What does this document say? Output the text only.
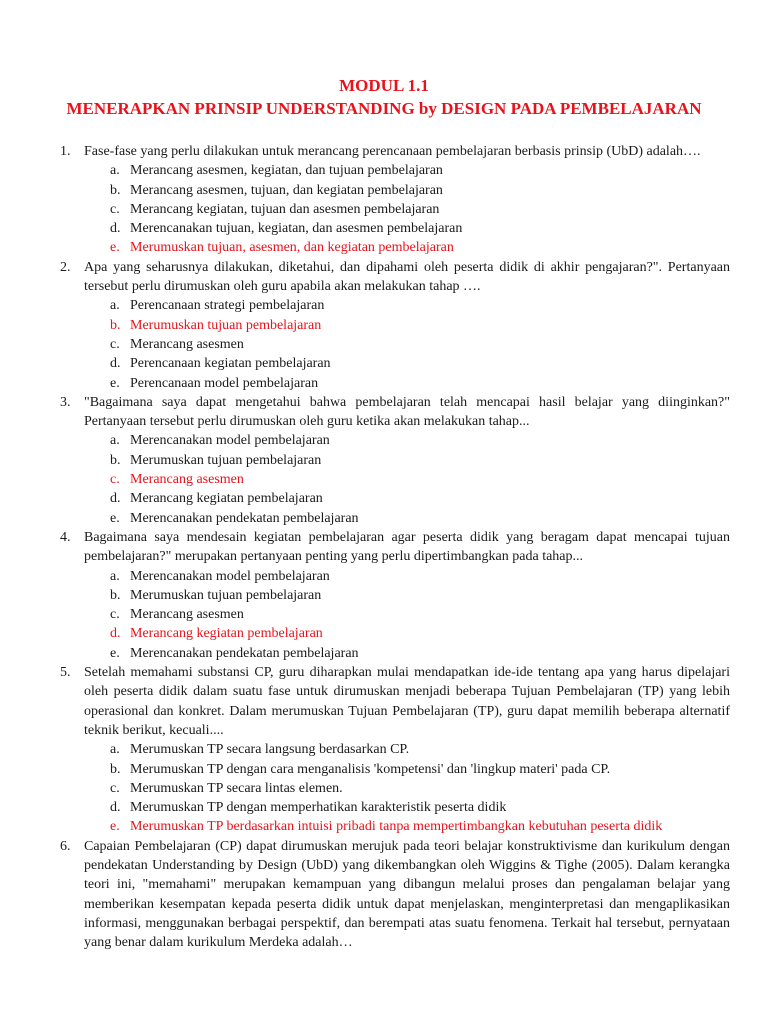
MODUL 1.1

MENERAPKAN PRINSIP UNDERSTANDING by DESIGN PADA PEMBELAJARAN

1. Fase-fase yang perlu dilakukan untuk merancang perencanaan pembelajaran berbasis prinsip (UbD) adalah….
a. Merancang asesmen, kegiatan, dan tujuan pembelajaran
b. Merancang asesmen, tujuan, dan kegiatan pembelajaran
c. Merancang kegiatan, tujuan dan asesmen pembelajaran
d. Merencanakan tujuan, kegiatan, dan asesmen pembelajaran
e. Merumuskan tujuan, asesmen, dan kegiatan pembelajaran
2. Apa yang seharusnya dilakukan, diketahui, dan dipahami oleh peserta didik di akhir pengajaran?". Pertanyaan tersebut perlu dirumuskan oleh guru apabila akan melakukan tahap ….
a. Perencanaan strategi pembelajaran
b. Merumuskan tujuan pembelajaran
c. Merancang asesmen
d. Perencanaan kegiatan pembelajaran
e. Perencanaan model pembelajaran
3. "Bagaimana saya dapat mengetahui bahwa pembelajaran telah mencapai hasil belajar yang diinginkan?" Pertanyaan tersebut perlu dirumuskan oleh guru ketika akan melakukan tahap...
a. Merencanakan model pembelajaran
b. Merumuskan tujuan pembelajaran
c. Merancang asesmen
d. Merancang kegiatan pembelajaran
e. Merencanakan pendekatan pembelajaran
4. Bagaimana saya mendesain kegiatan pembelajaran agar peserta didik yang beragam dapat mencapai tujuan pembelajaran?" merupakan pertanyaan penting yang perlu dipertimbangkan pada tahap...
a. Merencanakan model pembelajaran
b. Merumuskan tujuan pembelajaran
c. Merancang asesmen
d. Merancang kegiatan pembelajaran
e. Merencanakan pendekatan pembelajaran
5. Setelah memahami substansi CP, guru diharapkan mulai mendapatkan ide-ide tentang apa yang harus dipelajari oleh peserta didik dalam suatu fase untuk dirumuskan menjadi beberapa Tujuan Pembelajaran (TP) yang lebih operasional dan konkret. Dalam merumuskan Tujuan Pembelajaran (TP), guru dapat memilih beberapa alternatif teknik berikut, kecuali....
a. Merumuskan TP secara langsung berdasarkan CP.
b. Merumuskan TP dengan cara menganalisis 'kompetensi' dan 'lingkup materi' pada CP.
c. Merumuskan TP secara lintas elemen.
d. Merumuskan TP dengan memperhatikan karakteristik peserta didik
e. Merumuskan TP berdasarkan intuisi pribadi tanpa mempertimbangkan kebutuhan peserta didik
6. Capaian Pembelajaran (CP) dapat dirumuskan merujuk pada teori belajar konstruktivisme dan kurikulum dengan pendekatan Understanding by Design (UbD) yang dikembangkan oleh Wiggins & Tighe (2005). Dalam kerangka teori ini, "memahami" merupakan kemampuan yang dibangun melalui proses dan pengalaman belajar yang memberikan kesempatan kepada peserta didik untuk dapat menjelaskan, menginterpretasi dan mengaplikasikan informasi, menggunakan berbagai perspektif, dan berempati atas suatu fenomena. Terkait hal tersebut, pernyataan yang benar dalam kurikulum Merdeka adalah…
